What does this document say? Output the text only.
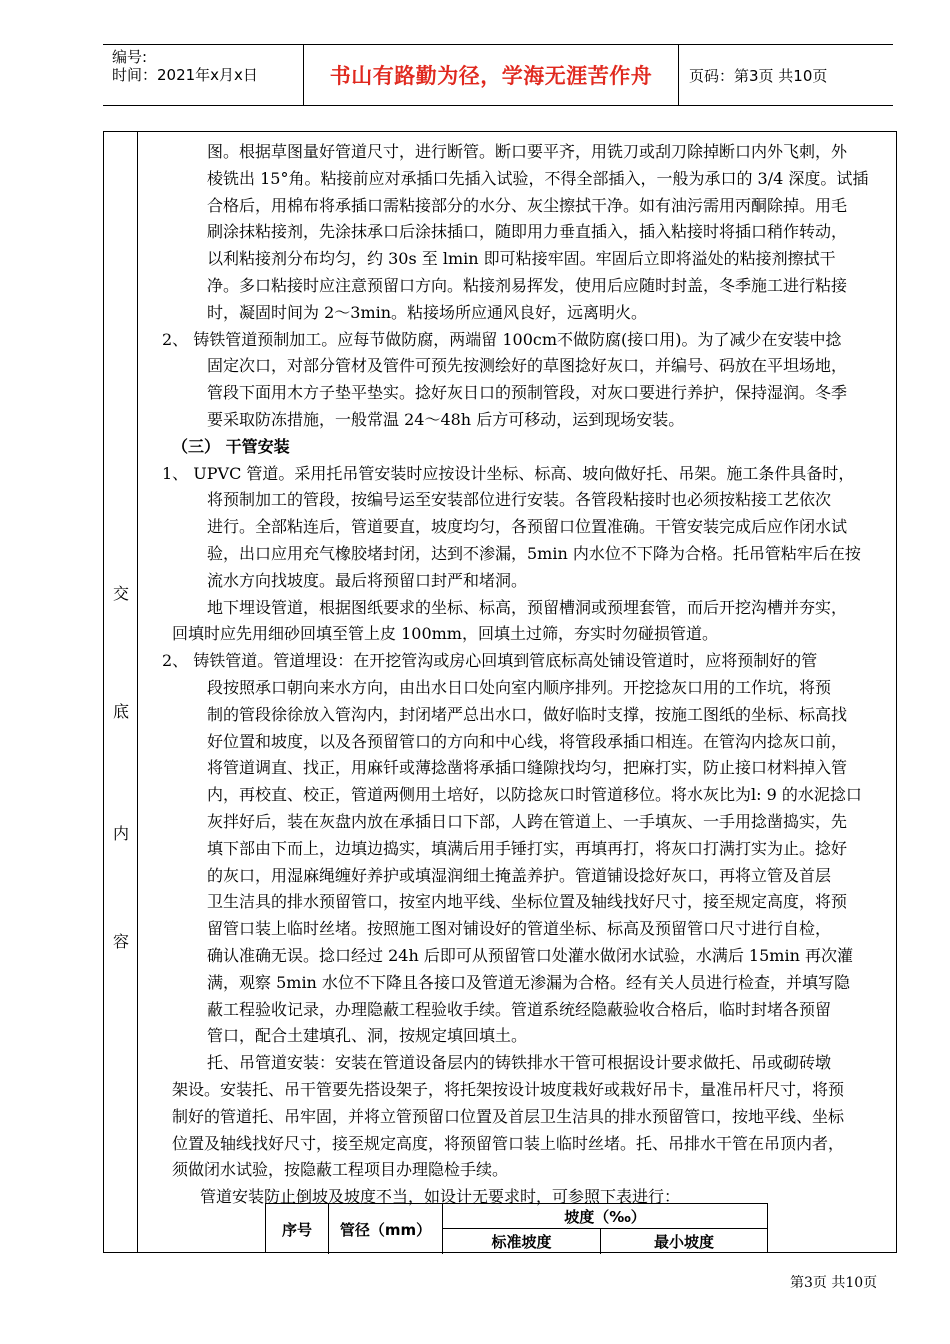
编号:
时间：2021年x月x日	书山有路勤为径，学海无涯苦作舟	页码：第3页 共10页
交
底
内
容
图。根据草图量好管道尺寸，进行断管。断口要平齐，用铣刀或刮刀除掉断口内外飞刺，外
棱铣出 15°角。粘接前应对承插口先插入试验，不得全部插入，一般为承口的 3/4 深度。试插
合格后，用棉布将承插口需粘接部分的水分、灰尘擦拭干净。如有油污需用丙酮除掉。用毛
刷涂抹粘接剂，先涂抹承口后涂抹插口，随即用力垂直插入，插入粘接时将插口稍作转动，
以利粘接剂分布均匀，约 30s 至 lmin 即可粘接牢固。牢固后立即将溢处的粘接剂擦拭干
净。多口粘接时应注意预留口方向。粘接剂易挥发，使用后应随时封盖，冬季施工进行粘接
时，凝固时间为 2～3min。粘接场所应通风良好，远离明火。
2、 铸铁管道预制加工。应每节做防腐，两端留 100cm不做防腐(接口用)。为了减少在安装中捻
固定次口，对部分管材及管件可预先按测绘好的草图捻好灰口，并编号、码放在平坦场地，
管段下面用木方子垫平垫实。捻好灰日口的预制管段，对灰口要进行养护，保持湿润。冬季
要采取防冻措施，一般常温 24～48h 后方可移动，运到现场安装。
（三） 干管安装
1、 UPVC 管道。采用托吊管安装时应按设计坐标、标高、坡向做好托、吊架。施工条件具备时，
将预制加工的管段，按编号运至安装部位进行安装。各管段粘接时也必须按粘接工艺依次
进行。全部粘连后，管道要直，坡度均匀，各预留口位置准确。干管安装完成后应作闭水试
验，出口应用充气橡胶堵封闭，达到不渗漏，5min 内水位不下降为合格。托吊管粘牢后在按
流水方向找坡度。最后将预留口封严和堵洞。
地下埋设管道，根据图纸要求的坐标、标高，预留槽洞或预埋套管，而后开挖沟槽并夯实，
回填时应先用细砂回填至管上皮 100mm，回填土过筛，夯实时勿碰损管道。
2、 铸铁管道。管道埋设：在开挖管沟或房心回填到管底标高处铺设管道时，应将预制好的管
段按照承口朝向来水方向，由出水日口处向室内顺序排列。开挖捻灰口用的工作坑，将预
制的管段徐徐放入管沟内，封闭堵严总出水口，做好临时支撑，按施工图纸的坐标、标高找
好位置和坡度，以及各预留管口的方向和中心线，将管段承插口相连。在管沟内捻灰口前，
将管道调直、找正，用麻钎或薄捻凿将承插口缝隙找均匀，把麻打实，防止接口材料掉入管
内，再校直、校正，管道两侧用土培好，以防捻灰口时管道移位。将水灰比为l: 9 的水泥捻口
灰拌好后，装在灰盘内放在承插日口下部，人跨在管道上、一手填灰、一手用捻凿捣实，先
填下部由下而上，边填边捣实，填满后用手锤打实，再填再打，将灰口打满打实为止。捻好
的灰口，用湿麻绳缠好养护或填湿润细土掩盖养护。管道铺设捻好灰口，再将立管及首层
卫生洁具的排水预留管口，按室内地平线、坐标位置及轴线找好尺寸，接至规定高度，将预
留管口装上临时丝堵。按照施工图对铺设好的管道坐标、标高及预留管口尺寸进行自检，
确认准确无误。捻口经过 24h 后即可从预留管口处灌水做闭水试验，水满后 15min 再次灌
满，观察 5min 水位不下降且各接口及管道无渗漏为合格。经有关人员进行检查，并填写隐
蔽工程验收记录，办理隐蔽工程验收手续。管道系统经隐蔽验收合格后，临时封堵各预留
管口，配合土建填孔、洞，按规定填回填土。
托、吊管道安装：安装在管道设备层内的铸铁排水干管可根据设计要求做托、吊或砌砖墩
架设。安装托、吊干管要先搭设架子，将托架按设计坡度栽好或栽好吊卡，量准吊杆尺寸，将预
制好的管道托、吊牢固，并将立管预留口位置及首层卫生洁具的排水预留管口，按地平线、坐标
位置及轴线找好尺寸，接至规定高度，将预留管口装上临时丝堵。托、吊排水干管在吊顶内者，
须做闭水试验，按隐蔽工程项目办理隐检手续。
管道安装防止倒坡及坡度不当，如设计无要求时，可参照下表进行：
序号	管径（mm）
坡度（‰）
标准坡度	最小坡度
第3页 共10页
